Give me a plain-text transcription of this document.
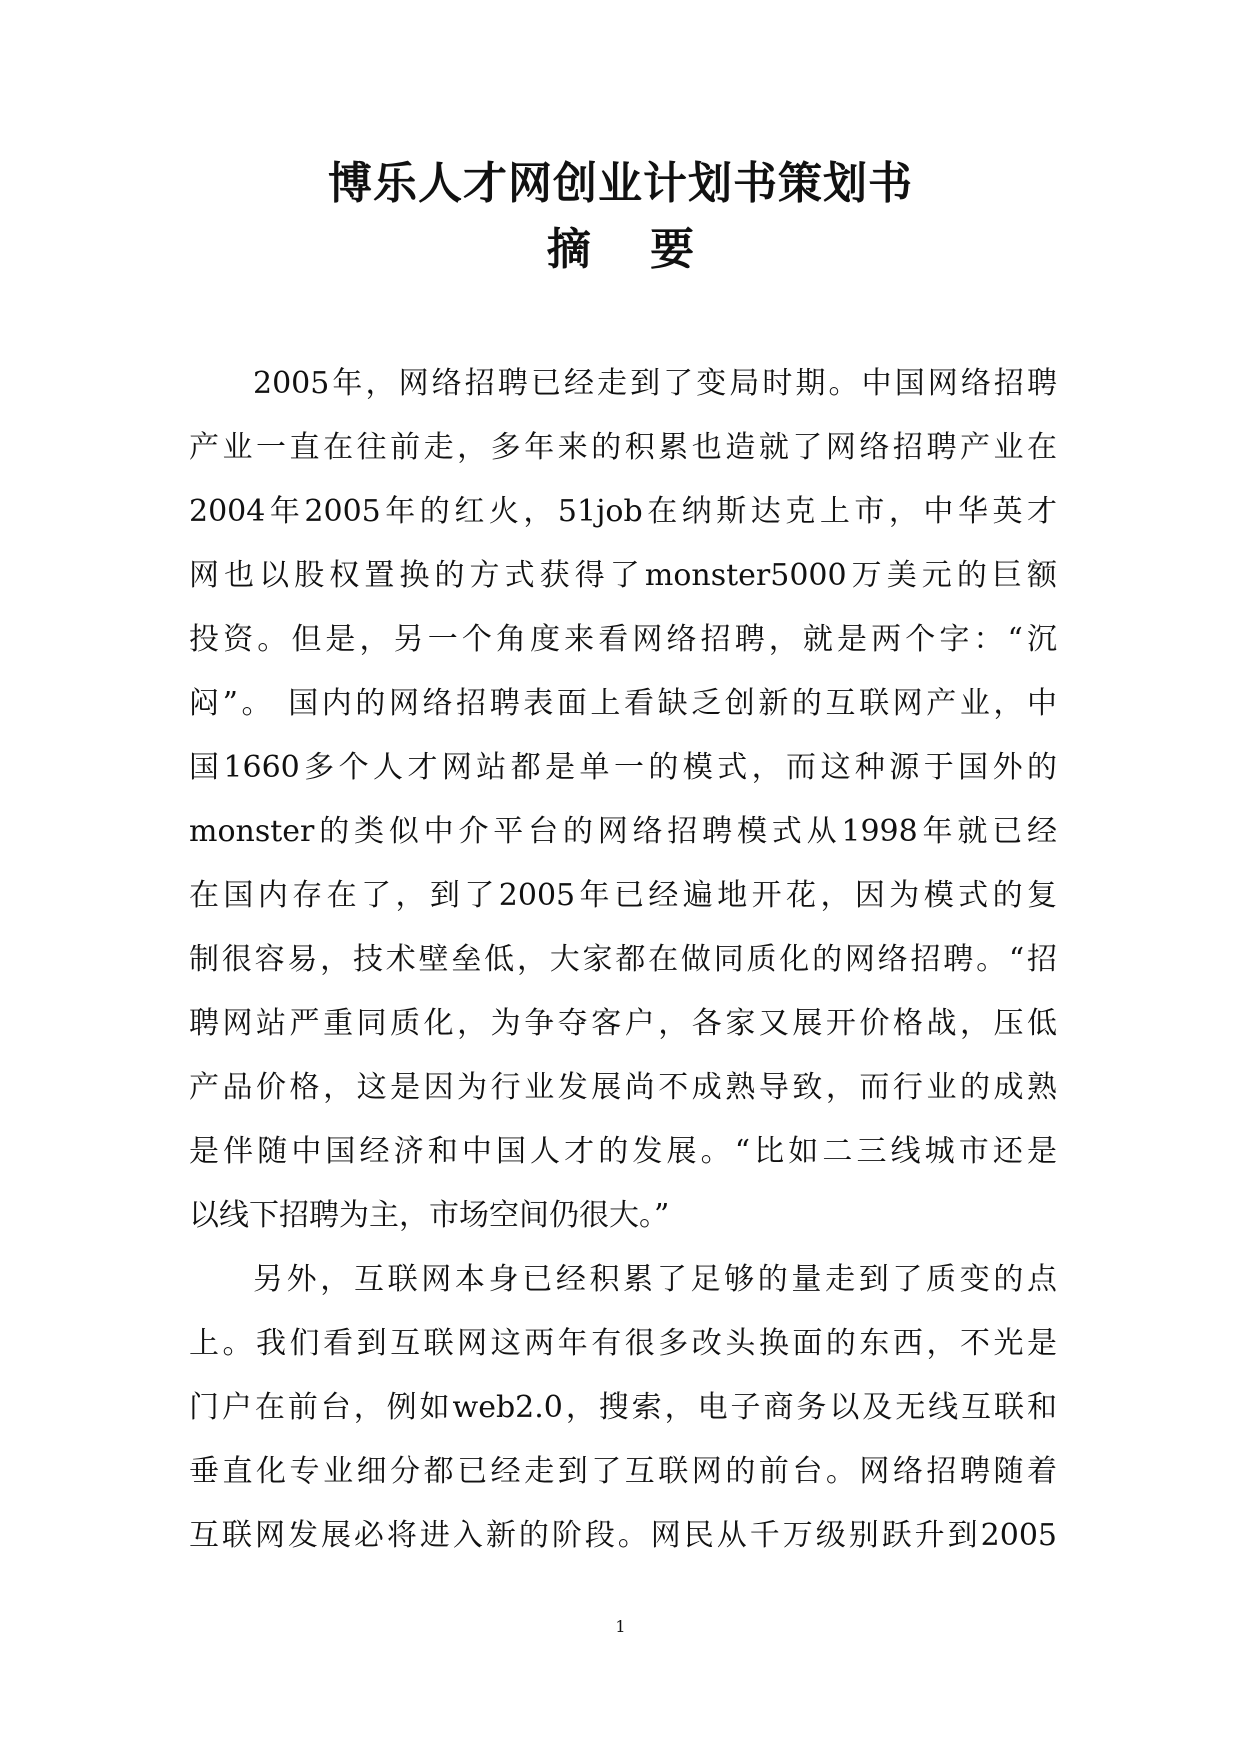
博乐人才网创业计划书策划书
摘 要
2005年，网络招聘已经走到了变局时期。中国网络招聘
产业一直在往前走，多年来的积累也造就了网络招聘产业在
2004年2005年的红火，51job在纳斯达克上市，中华英才
网也以股权置换的方式获得了monster5000万美元的巨额
投资。但是，另一个角度来看网络招聘，就是两个字：“沉
闷”。 国内的网络招聘表面上看缺乏创新的互联网产业，中
国1660多个人才网站都是单一的模式，而这种源于国外的
monster的类似中介平台的网络招聘模式从1998年就已经
在国内存在了，到了2005年已经遍地开花，因为模式的复
制很容易，技术壁垒低，大家都在做同质化的网络招聘。“招
聘网站严重同质化，为争夺客户，各家又展开价格战，压低
产品价格，这是因为行业发展尚不成熟导致，而行业的成熟
是伴随中国经济和中国人才的发展。“比如二三线城市还是
以线下招聘为主，市场空间仍很大。”
另外，互联网本身已经积累了足够的量走到了质变的点
上。我们看到互联网这两年有很多改头换面的东西，不光是
门户在前台，例如web2.0，搜索，电子商务以及无线互联和
垂直化专业细分都已经走到了互联网的前台。网络招聘随着
互联网发展必将进入新的阶段。网民从千万级别跃升到2005
1
